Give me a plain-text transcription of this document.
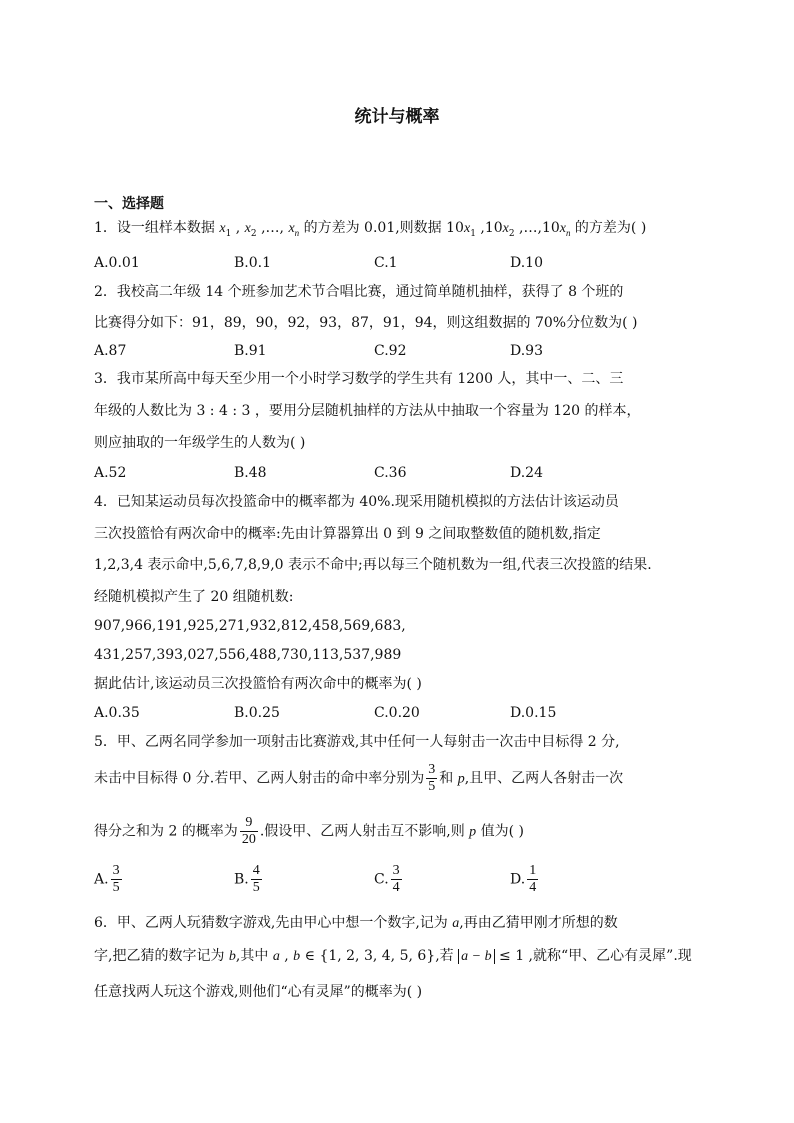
统计与概率
一、选择题
1．设一组样本数据 $x_1$ , $x_2$ ,…, $x_n$ 的方差为 0.01,则数据 $10x_1$ $,10x_2$ $,\dots,10x_n$ 的方差为( )
A.0.01	B.0.1	C.1	D.10
2．我校高二年级 14 个班参加艺术节合唱比赛，通过简单随机抽样，获得了 8 个班的
比赛得分如下：91，89，90，92，93，87，91，94，则这组数据的 70%分位数为( )
A.87	B.91	C.92	D.93
3．我市某所高中每天至少用一个小时学习数学的学生共有 1200 人，其中一、二、三
年级的人数比为 3 : 4 : 3 ，要用分层随机抽样的方法从中抽取一个容量为 120 的样本，
则应抽取的一年级学生的人数为( )
A.52	B.48	C.36	D.24
4．已知某运动员每次投篮命中的概率都为 40%.现采用随机模拟的方法估计该运动员
三次投篮恰有两次命中的概率:先由计算器算出 0 到 9 之间取整数值的随机数,指定
1,2,3,4 表示命中,5,6,7,8,9,0 表示不命中;再以每三个随机数为一组,代表三次投篮的结果.
经随机模拟产生了 20 组随机数:
907,966,191,925,271,932,812,458,569,683,
431,257,393,027,556,488,730,113,537,989
据此估计,该运动员三次投篮恰有两次命中的概率为( )
A.0.35	B.0.25	C.0.20	D.0.15
5．甲、乙两名同学参加一项射击比赛游戏,其中任何一人每射击一次击中目标得 2 分,
未击中目标得 0 分.若甲、乙两人射击的命中率分别为 $\frac{3}{5}$ 和 p,且甲、乙两人各射击一次
得分之和为 2 的概率为 $\frac{9}{20}$ .假设甲、乙两人射击互不影响,则 p 值为( )
A. $\frac{3}{5}$	B. $\frac{4}{5}$	C. $\frac{3}{4}$	D. $\frac{1}{4}$
6．甲、乙两人玩猜数字游戏,先由甲心中想一个数字,记为 a,再由乙猜甲刚才所想的数
字,把乙猜的数字记为 b,其中 a , b ∈ {1, 2, 3, 4, 5, 6},若 a − b ≤ 1 ,就称“甲、乙心有灵犀”.现
任意找两人玩这个游戏,则他们“心有灵犀”的概率为( )
